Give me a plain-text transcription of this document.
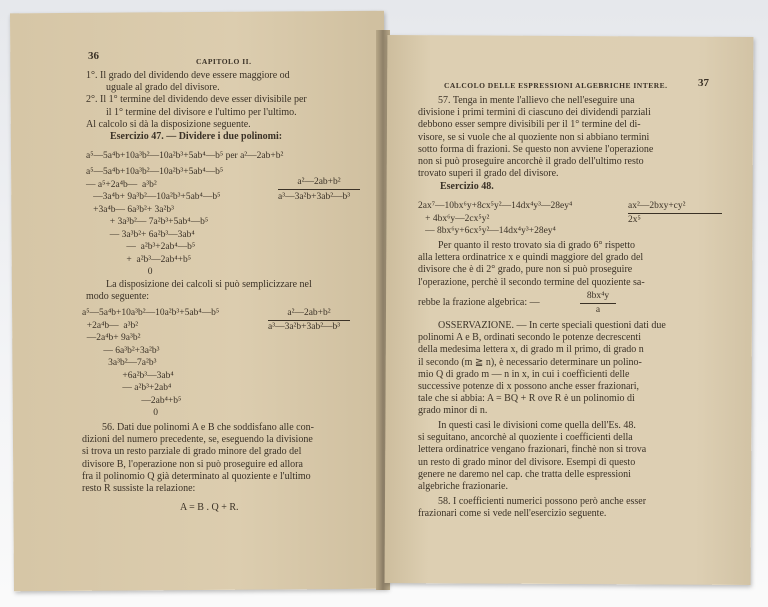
36	CAPITOLO II.
1°. Il grado del dividendo deve essere maggiore od
uguale al grado del divisore.
2°. Il 1° termine del dividendo deve esser divisibile per
il 1° termine del divisore e l'ultimo per l'ultimo.
Al calcolo si dà la disposizione seguente.
Esercizio 47. — Dividere i due polinomi:
a⁵—5a⁴b+10a³b²—10a²b³+5ab⁴—b⁵ per a²—2ab+b²
a⁵—5a⁴b+10a³b²—10a²b³+5ab⁴—b⁵
— a⁵+2a⁴b—  a³b²
—3a⁴b+ 9a³b²—10a²b³+5ab⁴—b⁵
+3a⁴b— 6a³b²+ 3a²b³
+ 3a³b²— 7a²b³+5ab⁴—b⁵
— 3a³b²+ 6a²b³—3ab⁴
—  a²b³+2ab⁴—b⁵
+  a²b³—2ab⁴+b⁵
0
a²—2ab+b²
a³—3a²b+3ab²—b³
La disposizione dei calcoli si può semplicizzare nel
modo seguente:
a⁵—5a⁴b+10a³b²—10a²b³+5ab⁴—b⁵
+2a⁴b—  a³b²
—2a⁴b+ 9a³b²
— 6a³b²+3a²b³
3a³b²—7a²b³
+6a²b³—3ab⁴
— a²b³+2ab⁴
—2ab⁴+b⁵
0
a²—2ab+b²
a³—3a²b+3ab²—b³
56. Dati due polinomi A e B che soddisfano alle con-
dizioni del numero precedente, se, eseguendo la divisione
si trova un resto parziale di grado minore del grado del
divisore B, l'operazione non si può proseguire ed allora
fra il polinomio Q già determinato al quoziente e l'ultimo
resto R sussiste la relazione:
A = B . Q + R.
CALCOLO DELLE ESPRESSIONI ALGEBRICHE INTERE.	37
57. Tenga in mente l'allievo che nell'eseguire una
divisione i primi termini di ciascuno dei dividendi parziali
debbono esser sempre divisibili per il 1° termine del di-
visore, se si vuole che al quoziente non si abbiano termini
sotto forma di frazioni. Se questo non avviene l'operazione
non si può proseguire ancorchè il grado dell'ultimo resto
trovato superi il grado del divisore.
Esercizio 48.
2ax⁷—10bx⁶y+8cx⁵y²—14dx⁴y³—28ey⁴
+ 4bx⁶y—2cx⁵y²
— 8bx⁶y+6cx⁵y²—14dx⁴y³+28ey⁴
ax²—2bxy+cy²
2x⁵
Per quanto il resto trovato sia di grado 6° rispetto
alla lettera ordinatrice x e quindi maggiore del grado del
divisore che è di 2° grado, pure non si può proseguire
l'operazione, perchè il secondo termine del quoziente sa-
rebbe la frazione algebrica: —
8bx⁴y
a
OSSERVAZIONE. — In certe speciali questioni dati due
polinomi A e B, ordinati secondo le potenze decrescenti
della medesima lettera x, di grado m il primo, di grado n
il secondo (m ≧ n), è necessario determinare un polino-
mio Q di grado m — n in x, in cui i coefficienti delle
successive potenze di x possono anche esser frazionari,
tale che si abbia: A = BQ + R ove R è un polinomio di
grado minor di n.
In questi casi le divisioni come quella dell'Es. 48.
si seguitano, ancorchè al quoziente i coefficienti della
lettera ordinatrice vengano frazionari, finchè non si trova
un resto di grado minor del divisore. Esempi di questo
genere ne daremo nel cap. che tratta delle espressioni
algebriche frazionarie.
58. I coefficienti numerici possono però anche esser
frazionari come si vede nell'esercizio seguente.
